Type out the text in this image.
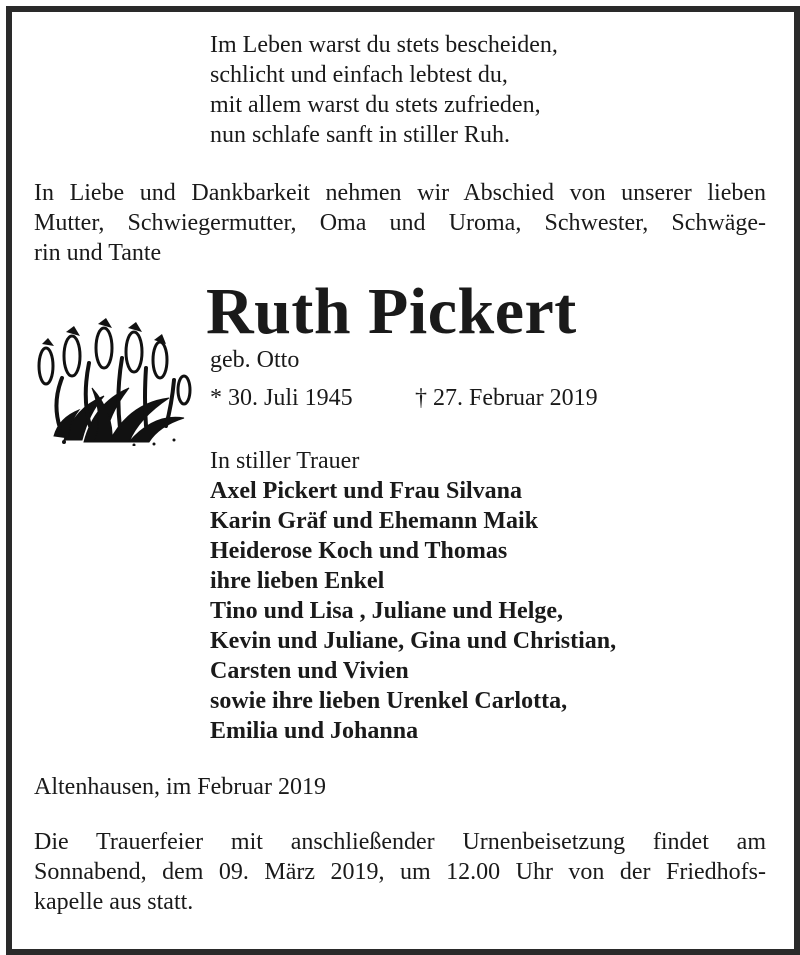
Im Leben warst du stets bescheiden,
schlicht und einfach lebtest du,
mit allem warst du stets zufrieden,
nun schlafe sanft in stiller Ruh.
In Liebe und Dankbarkeit nehmen wir Abschied von unserer lieben
Mutter, Schwiegermutter, Oma und Uroma, Schwester, Schwäge-
rin und Tante
Ruth Pickert
geb. Otto
* 30. Juli 1945	† 27. Februar 2019
In stiller Trauer
Axel Pickert und Frau Silvana
Karin Gräf und Ehemann Maik
Heiderose Koch und Thomas
ihre lieben Enkel
Tino und Lisa , Juliane und Helge,
Kevin und Juliane, Gina und Christian,
Carsten und Vivien
sowie ihre lieben Urenkel Carlotta,
Emilia und Johanna
Altenhausen, im Februar 2019
Die Trauerfeier mit anschließender Urnenbeisetzung findet am
Sonnabend, dem 09. März 2019, um 12.00 Uhr von der Friedhofs-
kapelle aus statt.
